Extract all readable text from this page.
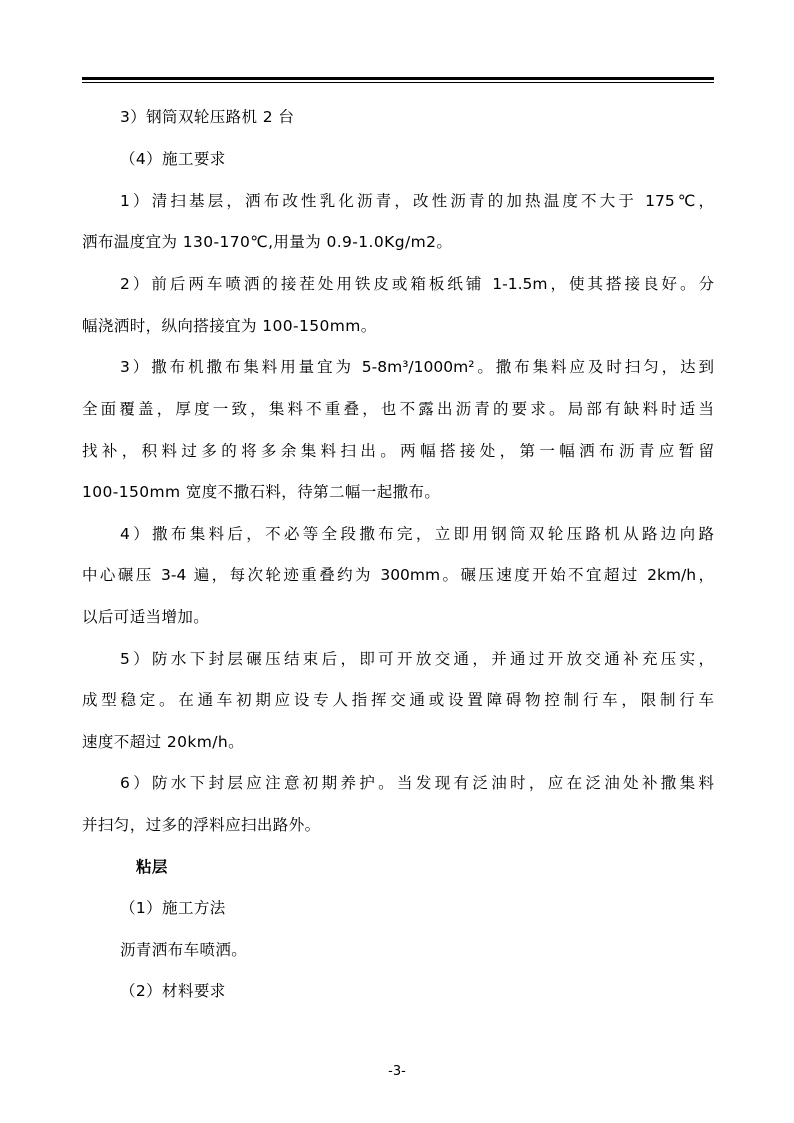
3）钢筒双轮压路机 2 台
（4）施工要求
1）清扫基层，洒布改性乳化沥青，改性沥青的加热温度不大于 175℃，
洒布温度宜为 130-170℃,用量为 0.9-1.0Kg/m2。
2）前后两车喷洒的接茬处用铁皮或箱板纸铺 1-1.5m，使其搭接良好。分
幅浇洒时，纵向搭接宜为 100-150mm。
3）撒布机撒布集料用量宜为 5-8m³/1000m²。撒布集料应及时扫匀，达到
全面覆盖，厚度一致，集料不重叠，也不露出沥青的要求。局部有缺料时适当
找补，积料过多的将多余集料扫出。两幅搭接处，第一幅洒布沥青应暂留
100-150mm 宽度不撒石料，待第二幅一起撒布。
4）撒布集料后，不必等全段撒布完，立即用钢筒双轮压路机从路边向路
中心碾压 3-4 遍，每次轮迹重叠约为 300mm。碾压速度开始不宜超过 2km/h，
以后可适当增加。
5）防水下封层碾压结束后，即可开放交通，并通过开放交通补充压实，
成型稳定。在通车初期应设专人指挥交通或设置障碍物控制行车，限制行车
速度不超过 20km/h。
6）防水下封层应注意初期养护。当发现有泛油时，应在泛油处补撒集料
并扫匀，过多的浮料应扫出路外。
粘层
（1）施工方法
沥青洒布车喷洒。
（2）材料要求
-3-
